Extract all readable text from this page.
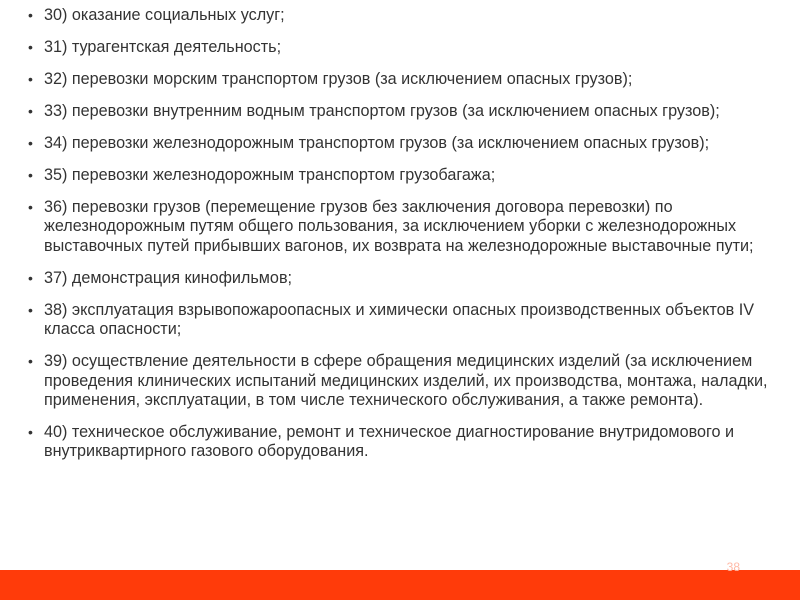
• 30) оказание социальных услуг;
• 31) турагентская деятельность;
• 32) перевозки морским транспортом грузов (за исключением опасных грузов);
• 33) перевозки внутренним водным транспортом грузов (за исключением опасных грузов);
• 34) перевозки железнодорожным транспортом грузов (за исключением опасных грузов);
• 35) перевозки железнодорожным транспортом грузобагажа;
• 36) перевозки грузов (перемещение грузов без заключения договора перевозки) по железнодорожным путям общего пользования, за исключением уборки с железнодорожных выставочных путей прибывших вагонов, их возврата на железнодорожные выставочные пути;
• 37) демонстрация кинофильмов;
• 38) эксплуатация взрывопожароопасных и химически опасных производственных объектов IV класса опасности;
• 39) осуществление деятельности в сфере обращения медицинских изделий (за исключением проведения клинических испытаний медицинских изделий, их производства, монтажа, наладки, применения, эксплуатации, в том числе технического обслуживания, а также ремонта).
• 40) техническое обслуживание, ремонт и техническое диагностирование внутридомового и внутриквартирного газового оборудования.
38
